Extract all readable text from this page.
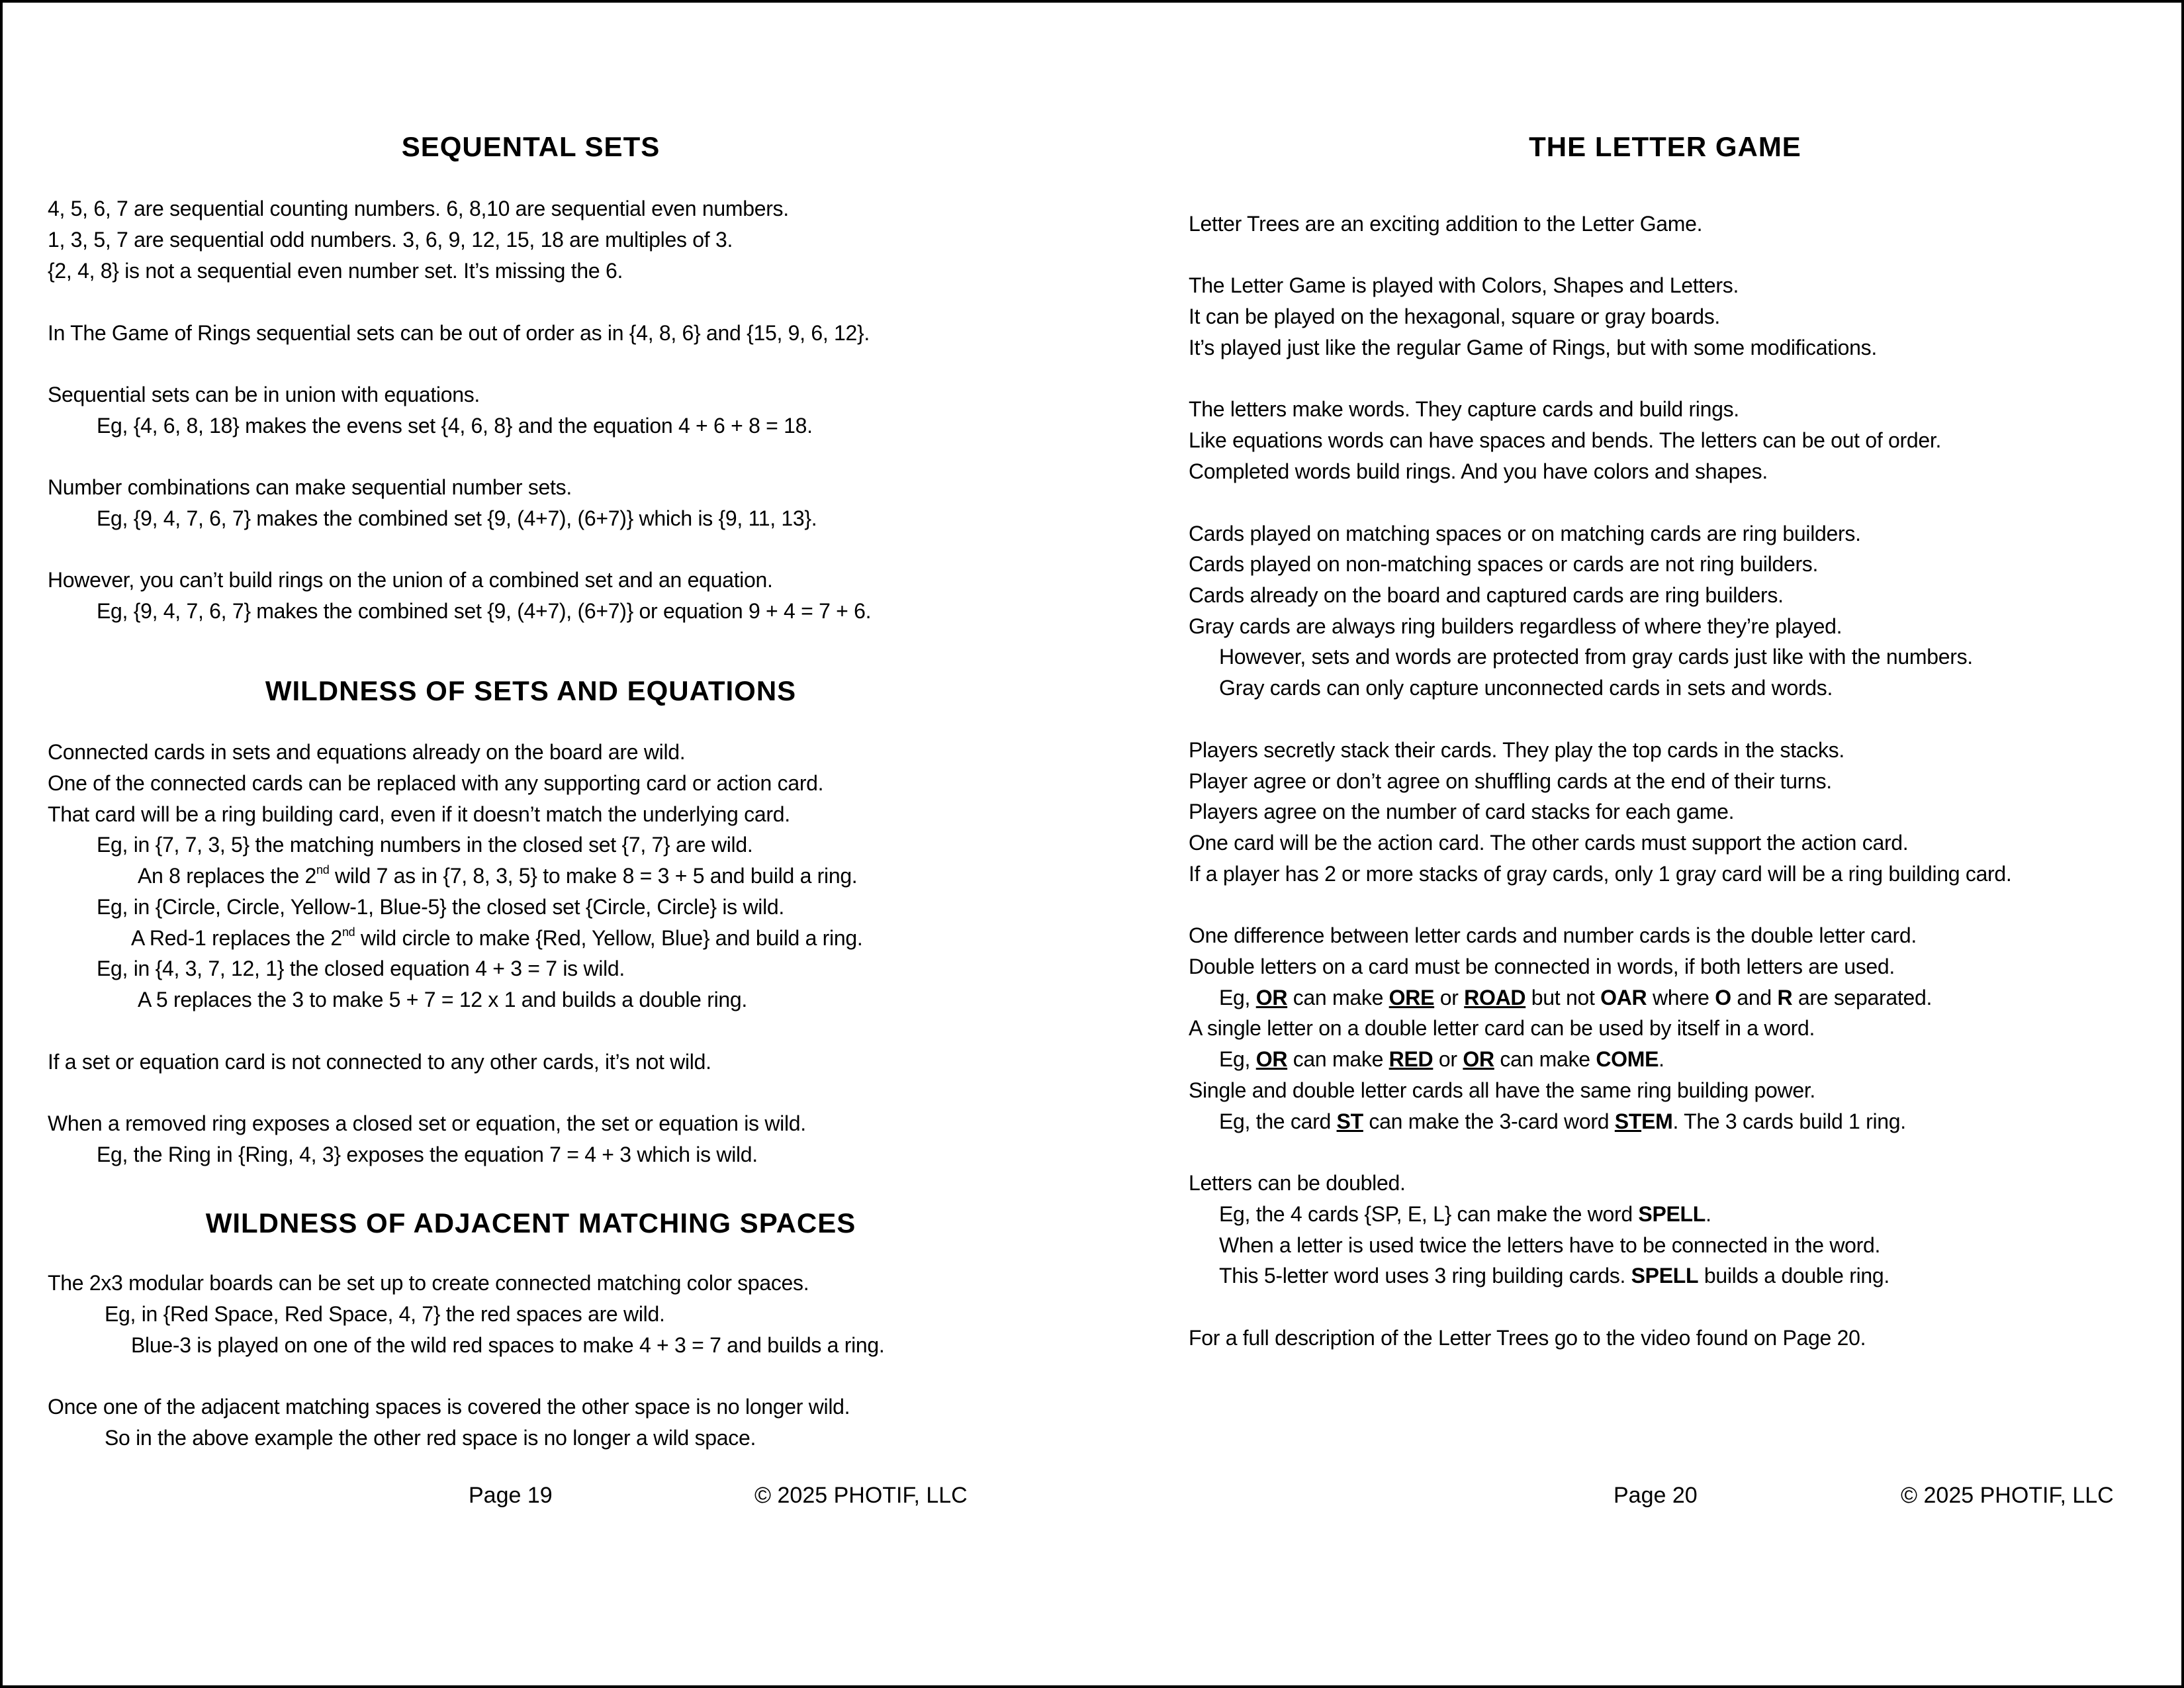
SEQUENTAL SETS
4, 5, 6, 7 are sequential counting numbers. 6, 8,10 are sequential even numbers.
1, 3, 5, 7 are sequential odd numbers. 3, 6, 9, 12, 15, 18 are multiples of 3.
{2, 4, 8} is not a sequential even number set. It’s missing the 6.
In The Game of Rings sequential sets can be out of order as in {4, 8, 6} and {15, 9, 6, 12}.
Sequential sets can be in union with equations.
Eg, {4, 6, 8, 18} makes the evens set {4, 6, 8} and the equation 4 + 6 + 8 = 18.
Number combinations can make sequential number sets.
Eg, {9, 4, 7, 6, 7} makes the combined set {9, (4+7), (6+7)} which is {9, 11, 13}.
However, you can’t build rings on the union of a combined set and an equation.
Eg, {9, 4, 7, 6, 7} makes the combined set {9, (4+7), (6+7)} or equation 9 + 4 = 7 + 6.
WILDNESS OF SETS AND EQUATIONS
Connected cards in sets and equations already on the board are wild.
One of the connected cards can be replaced with any supporting card or action card.
That card will be a ring building card, even if it doesn’t match the underlying card.
Eg, in {7, 7, 3, 5} the matching numbers in the closed set {7, 7} are wild.
An 8 replaces the 2nd wild 7 as in {7, 8, 3, 5} to make 8 = 3 + 5 and build a ring.
Eg, in {Circle, Circle, Yellow-1, Blue-5} the closed set {Circle, Circle} is wild.
A Red-1 replaces the 2nd wild circle to make {Red, Yellow, Blue} and build a ring.
Eg, in {4, 3, 7, 12, 1} the closed equation 4 + 3 = 7 is wild.
A 5 replaces the 3 to make 5 + 7 = 12 x 1 and builds a double ring.
If a set or equation card is not connected to any other cards, it’s not wild.
When a removed ring exposes a closed set or equation, the set or equation is wild.
Eg, the Ring in {Ring, 4, 3} exposes the equation 7 = 4 + 3 which is wild.
WILDNESS OF ADJACENT MATCHING SPACES
The 2x3 modular boards can be set up to create connected matching color spaces.
Eg, in {Red Space, Red Space, 4, 7} the red spaces are wild.
Blue-3 is played on one of the wild red spaces to make 4 + 3 = 7 and builds a ring.
Once one of the adjacent matching spaces is covered the other space is no longer wild.
So in the above example the other red space is no longer a wild space.
Page 19	© 2025 PHOTIF, LLC
THE LETTER GAME
Letter Trees are an exciting addition to the Letter Game.
The Letter Game is played with Colors, Shapes and Letters.
It can be played on the hexagonal, square or gray boards.
It’s played just like the regular Game of Rings, but with some modifications.
The letters make words. They capture cards and build rings.
Like equations words can have spaces and bends. The letters can be out of order.
Completed words build rings. And you have colors and shapes.
Cards played on matching spaces or on matching cards are ring builders.
Cards played on non-matching spaces or cards are not ring builders.
Cards already on the board and captured cards are ring builders.
Gray cards are always ring builders regardless of where they’re played.
However, sets and words are protected from gray cards just like with the numbers.
Gray cards can only capture unconnected cards in sets and words.
Players secretly stack their cards. They play the top cards in the stacks.
Player agree or don’t agree on shuffling cards at the end of their turns.
Players agree on the number of card stacks for each game.
One card will be the action card. The other cards must support the action card.
If a player has 2 or more stacks of gray cards, only 1 gray card will be a ring building card.
One difference between letter cards and number cards is the double letter card.
Double letters on a card must be connected in words, if both letters are used.
Eg, OR can make ORE or ROAD but not OAR where O and R are separated.
A single letter on a double letter card can be used by itself in a word.
Eg, OR can make RED or OR can make COME.
Single and double letter cards all have the same ring building power.
Eg, the card ST can make the 3-card word STEM. The 3 cards build 1 ring.
Letters can be doubled.
Eg, the 4 cards {SP, E, L} can make the word SPELL.
When a letter is used twice the letters have to be connected in the word.
This 5-letter word uses 3 ring building cards. SPELL builds a double ring.
For a full description of the Letter Trees go to the video found on Page 20.
Page 20	© 2025 PHOTIF, LLC
